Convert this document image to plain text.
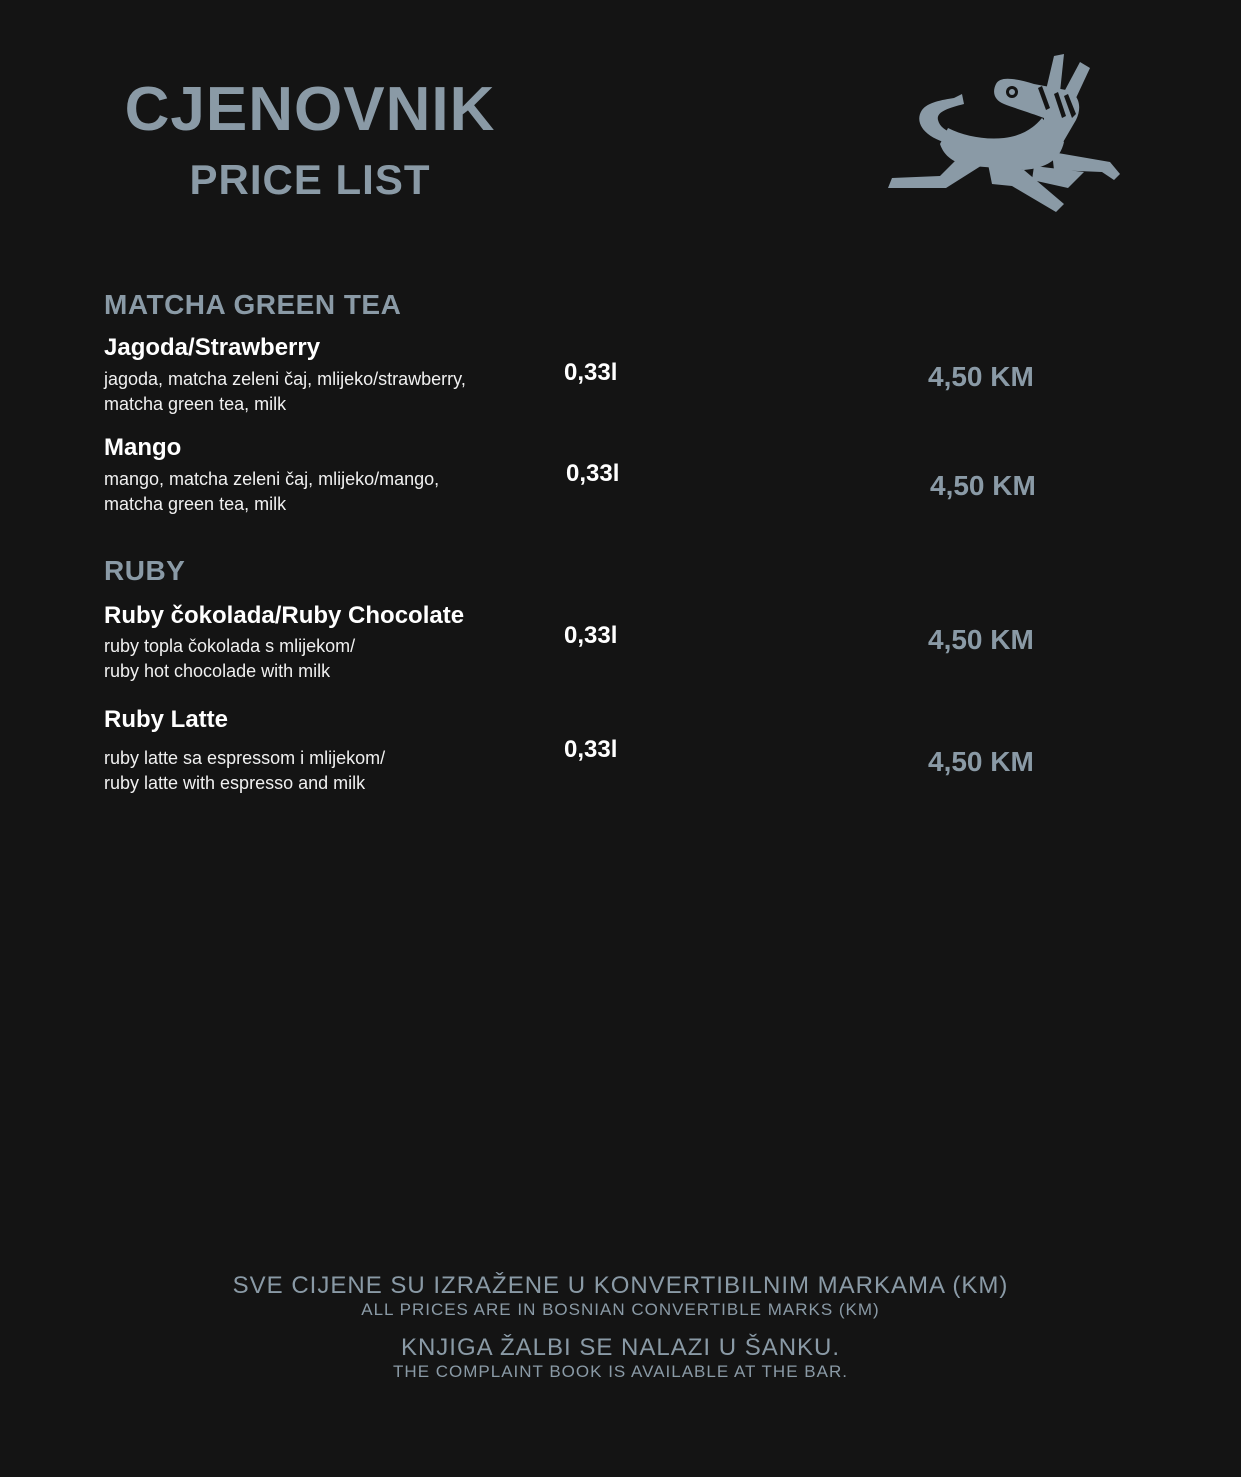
CJENOVNIK
PRICE LIST
MATCHA GREEN TEA
Jagoda/Strawberry
jagoda, matcha zeleni čaj, mlijeko/strawberry,
matcha green tea, milk
0,33l	4,50 KM
Mango
mango, matcha zeleni čaj, mlijeko/mango,
matcha green tea, milk
0,33l	4,50 KM
RUBY
Ruby čokolada/Ruby Chocolate
ruby topla čokolada s mlijekom/
ruby hot chocolade with milk
0,33l	4,50 KM
Ruby Latte
ruby latte sa espressom i mlijekom/
ruby latte with espresso and milk
0,33l	4,50 KM
SVE CIJENE SU IZRAŽENE U KONVERTIBILNIM MARKAMA (KM)
ALL PRICES ARE IN BOSNIAN CONVERTIBLE MARKS (KM)
KNJIGA ŽALBI SE NALAZI U ŠANKU.
THE COMPLAINT BOOK IS AVAILABLE AT THE BAR.
